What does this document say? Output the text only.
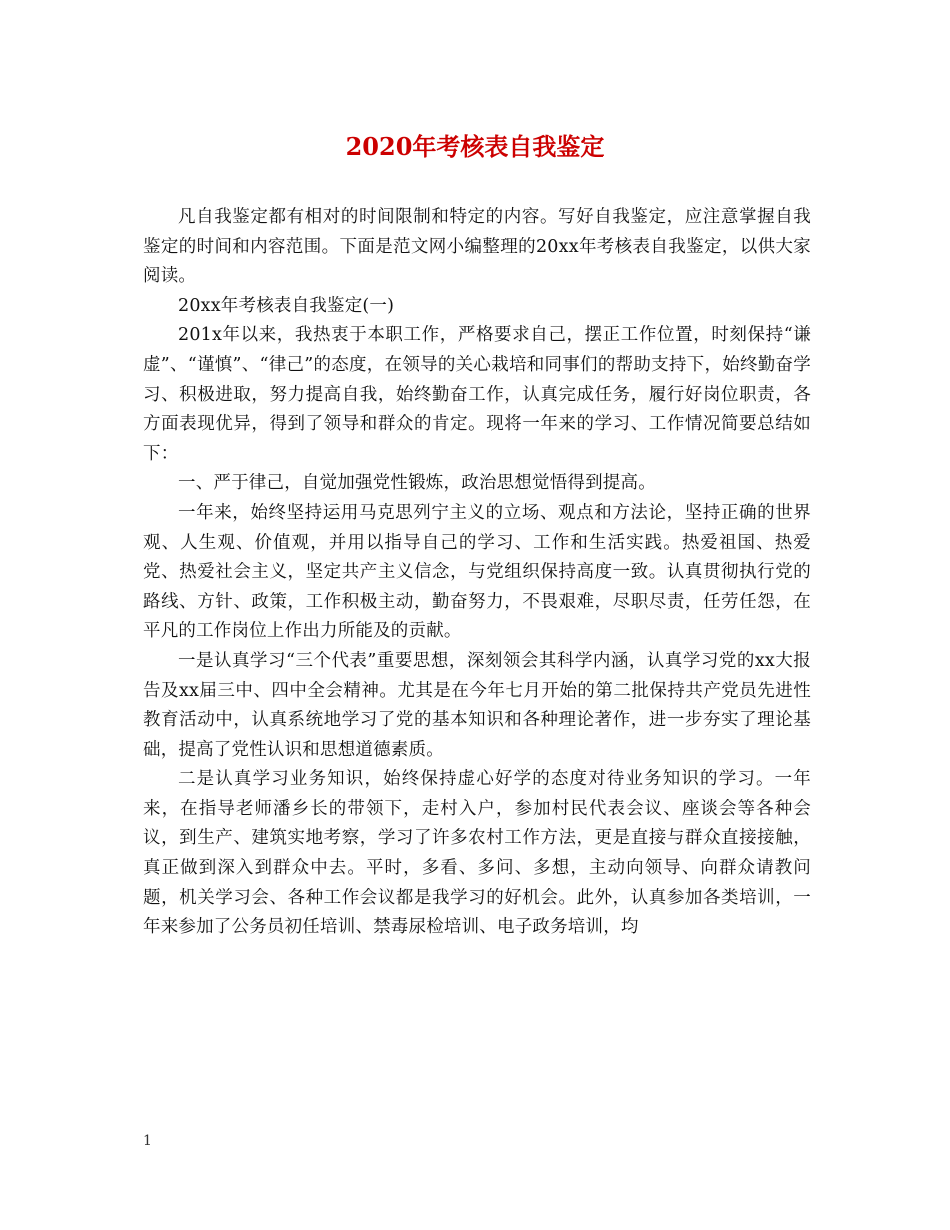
2020年考核表自我鉴定

凡自我鉴定都有相对的时间限制和特定的内容。写好自我鉴定，应注意掌握自我鉴定的时间和内容范围。下面是范文网小编整理的20xx年考核表自我鉴定，以供大家阅读。

20xx年考核表自我鉴定(一)

201x年以来，我热衷于本职工作，严格要求自己，摆正工作位置，时刻保持“谦虚”、“谨慎”、“律己”的态度，在领导的关心栽培和同事们的帮助支持下，始终勤奋学习、积极进取，努力提高自我，始终勤奋工作，认真完成任务，履行好岗位职责，各方面表现优异，得到了领导和群众的肯定。现将一年来的学习、工作情况简要总结如下：

一、严于律己，自觉加强党性锻炼，政治思想觉悟得到提高。

一年来，始终坚持运用马克思列宁主义的立场、观点和方法论，坚持正确的世界观、人生观、价值观，并用以指导自己的学习、工作和生活实践。热爱祖国、热爱党、热爱社会主义，坚定共产主义信念，与党组织保持高度一致。认真贯彻执行党的路线、方针、政策，工作积极主动，勤奋努力，不畏艰难，尽职尽责，任劳任怨，在平凡的工作岗位上作出力所能及的贡献。

一是认真学习“三个代表”重要思想，深刻领会其科学内涵，认真学习党的xx大报告及xx届三中、四中全会精神。尤其是在今年七月开始的第二批保持共产党员先进性教育活动中，认真系统地学习了党的基本知识和各种理论著作，进一步夯实了理论基础，提高了党性认识和思想道德素质。

二是认真学习业务知识，始终保持虚心好学的态度对待业务知识的学习。一年来，在指导老师潘乡长的带领下，走村入户，参加村民代表会议、座谈会等各种会议，到生产、建筑实地考察，学习了许多农村工作方法，更是直接与群众直接接触，真正做到深入到群众中去。平时，多看、多问、多想，主动向领导、向群众请教问题，机关学习会、各种工作会议都是我学习的好机会。此外，认真参加各类培训，一年来参加了公务员初任培训、禁毒尿检培训、电子政务培训，均

1
